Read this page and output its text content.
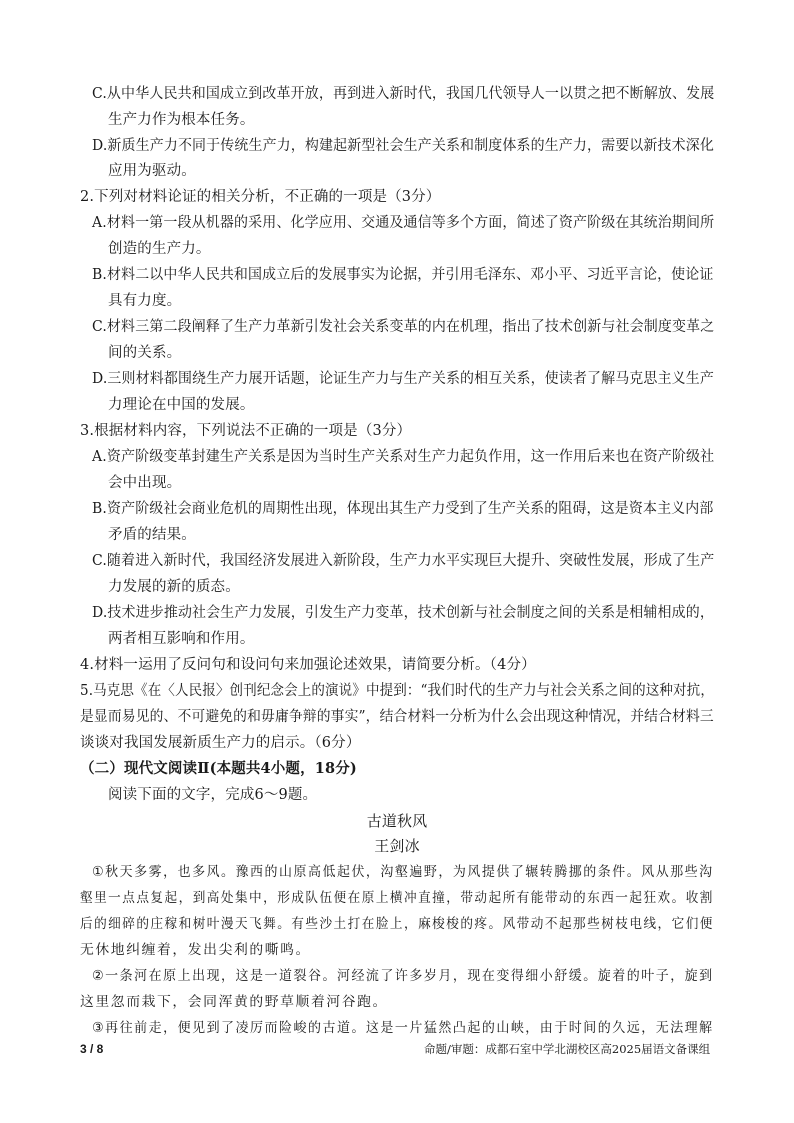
C.从中华人民共和国成立到改革开放，再到进入新时代，我国几代领导人一以贯之把不断解放、发展
生产力作为根本任务。
D.新质生产力不同于传统生产力，构建起新型社会生产关系和制度体系的生产力，需要以新技术深化
应用为驱动。
2.下列对材料论证的相关分析，不正确的一项是（3分）
A.材料一第一段从机器的采用、化学应用、交通及通信等多个方面，简述了资产阶级在其统治期间所
创造的生产力。
B.材料二以中华人民共和国成立后的发展事实为论据，并引用毛泽东、邓小平、习近平言论，使论证
具有力度。
C.材料三第二段阐释了生产力革新引发社会关系变革的内在机理，指出了技术创新与社会制度变革之
间的关系。
D.三则材料都围绕生产力展开话题，论证生产力与生产关系的相互关系，使读者了解马克思主义生产
力理论在中国的发展。
3.根据材料内容，下列说法不正确的一项是（3分）
A.资产阶级变革封建生产关系是因为当时生产关系对生产力起负作用，这一作用后来也在资产阶级社
会中出现。
B.资产阶级社会商业危机的周期性出现，体现出其生产力受到了生产关系的阻碍，这是资本主义内部
矛盾的结果。
C.随着进入新时代，我国经济发展进入新阶段，生产力水平实现巨大提升、突破性发展，形成了生产
力发展的新的质态。
D.技术进步推动社会生产力发展，引发生产力变革，技术创新与社会制度之间的关系是相辅相成的，
两者相互影响和作用。
4.材料一运用了反问句和设问句来加强论述效果，请简要分析。（4分）
5.马克思《在〈人民报〉创刊纪念会上的演说》中提到：“我们时代的生产力与社会关系之间的这种对抗，
是显而易见的、不可避免的和毋庸争辩的事实”，结合材料一分析为什么会出现这种情况，并结合材料三
谈谈对我国发展新质生产力的启示。（6分）
（二）现代文阅读Ⅱ(本题共4小题，18分)
阅读下面的文字，完成6～9题。
古道秋风
王剑冰
①秋天多雾，也多风。豫西的山原高低起伏，沟壑遍野，为风提供了辗转腾挪的条件。风从那些沟
壑里一点点复起，到高处集中，形成队伍便在原上横冲直撞，带动起所有能带动的东西一起狂欢。收割
后的细碎的庄稼和树叶漫天飞舞。有些沙土打在脸上，麻梭梭的疼。风带动不起那些树枝电线，它们便
无休地纠缠着，发出尖利的嘶鸣。
②一条河在原上出现，这是一道裂谷。河经流了许多岁月，现在变得细小舒缓。旋着的叶子，旋到
这里忽而栽下，会同浑黄的野草顺着河谷跑。
③再往前走，便见到了凌厉而险峻的古道。这是一片猛然凸起的山峡，由于时间的久远，无法理解
3 / 8	命题/审题：成都石室中学北湖校区高2025届语文备课组
